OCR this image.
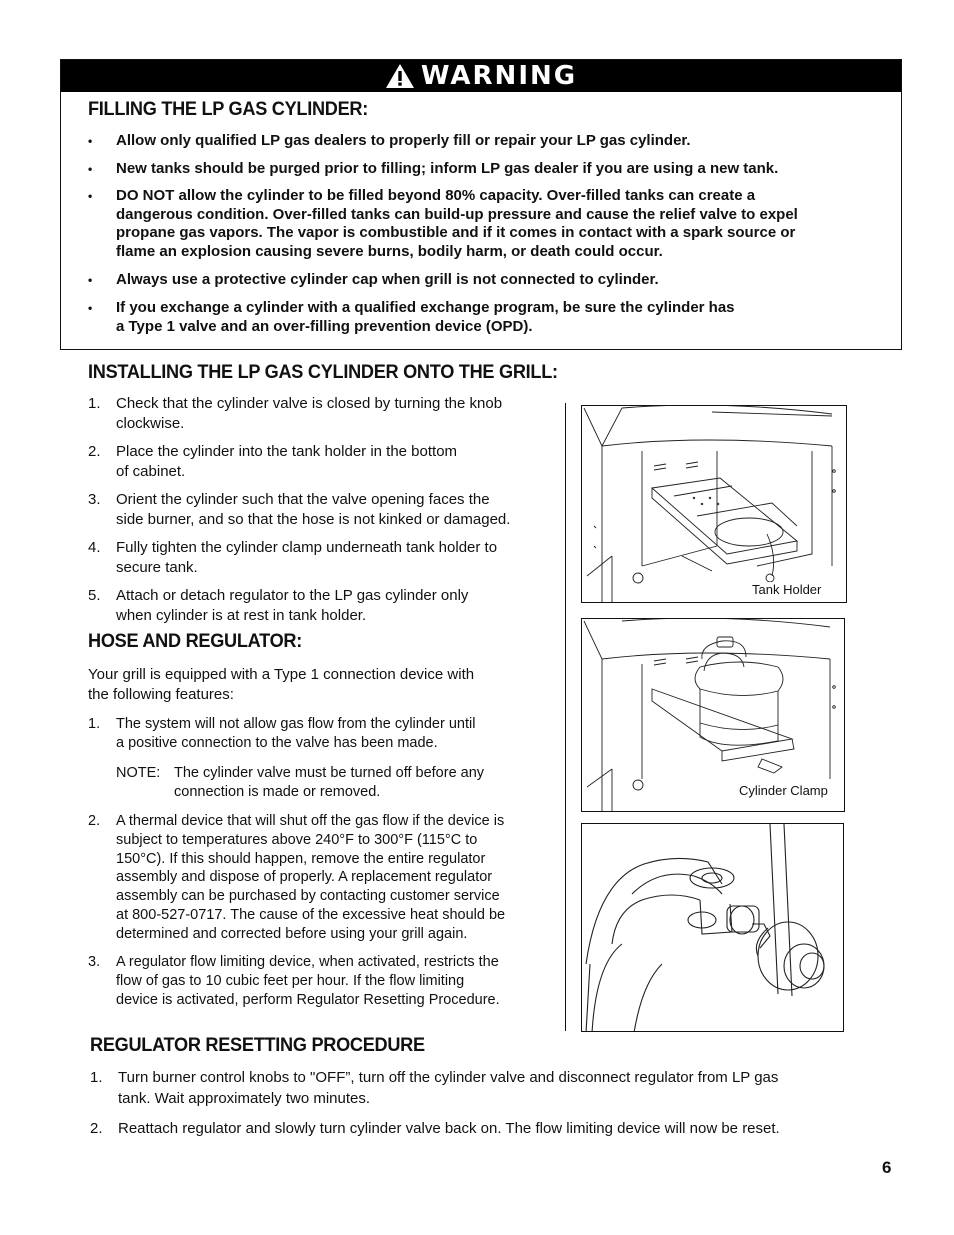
WARNING
FILLING THE LP GAS CYLINDER:
• Allow only qualified LP gas dealers to properly fill or repair your LP gas cylinder.
• New tanks should be purged prior to filling; inform LP gas dealer if you are using a new tank.
• DO NOT allow the cylinder to be filled beyond 80% capacity. Over-filled tanks can create a
dangerous condition. Over-filled tanks can build-up pressure and cause the relief valve to expel
propane gas vapors. The vapor is combustible and if it comes in contact with a spark source or
flame an explosion causing severe burns, bodily harm, or death could occur.
• Always use a protective cylinder cap when grill is not connected to cylinder.
• If you exchange a cylinder with a qualified exchange program, be sure the cylinder has
a Type 1 valve and an over-filling prevention device (OPD).
INSTALLING THE LP GAS CYLINDER ONTO THE GRILL:
1. Check that the cylinder valve is closed by turning the knob
clockwise.
2. Place the cylinder into the tank holder in the bottom
of cabinet.
3. Orient the cylinder such that the valve opening faces the
side burner, and so that the hose is not kinked or damaged.
4. Fully tighten the cylinder clamp underneath tank holder to
secure tank.
5. Attach or detach regulator to the LP gas cylinder only
when cylinder is at rest in tank holder.
HOSE AND REGULATOR:
Your grill is equipped with a Type 1 connection device with
the following features:
1. The system will not allow gas flow from the cylinder until
a positive connection to the valve has been made.
2. A thermal device that will shut off the gas flow if the device is
subject to temperatures above 240°F to 300°F (115°C to
150°C). If this should happen, remove the entire regulator
assembly and dispose of properly. A replacement regulator
assembly can be purchased by contacting customer service
at 800-527-0717. The cause of the excessive heat should be
determined and corrected before using your grill again.
3. A regulator flow limiting device, when activated, restricts the
flow of gas to 10 cubic feet per hour. If the flow limiting
device is activated, perform Regulator Resetting Procedure.
NOTE: The cylinder valve must be turned off before any
connection is made or removed.
Tank Holder
Cylinder Clamp
REGULATOR RESETTING PROCEDURE
1. Turn burner control knobs to "OFF”, turn off the cylinder valve and disconnect regulator from LP gas
tank. Wait approximately two minutes.
2. Reattach regulator and slowly turn cylinder valve back on. The flow limiting device will now be reset.
6
